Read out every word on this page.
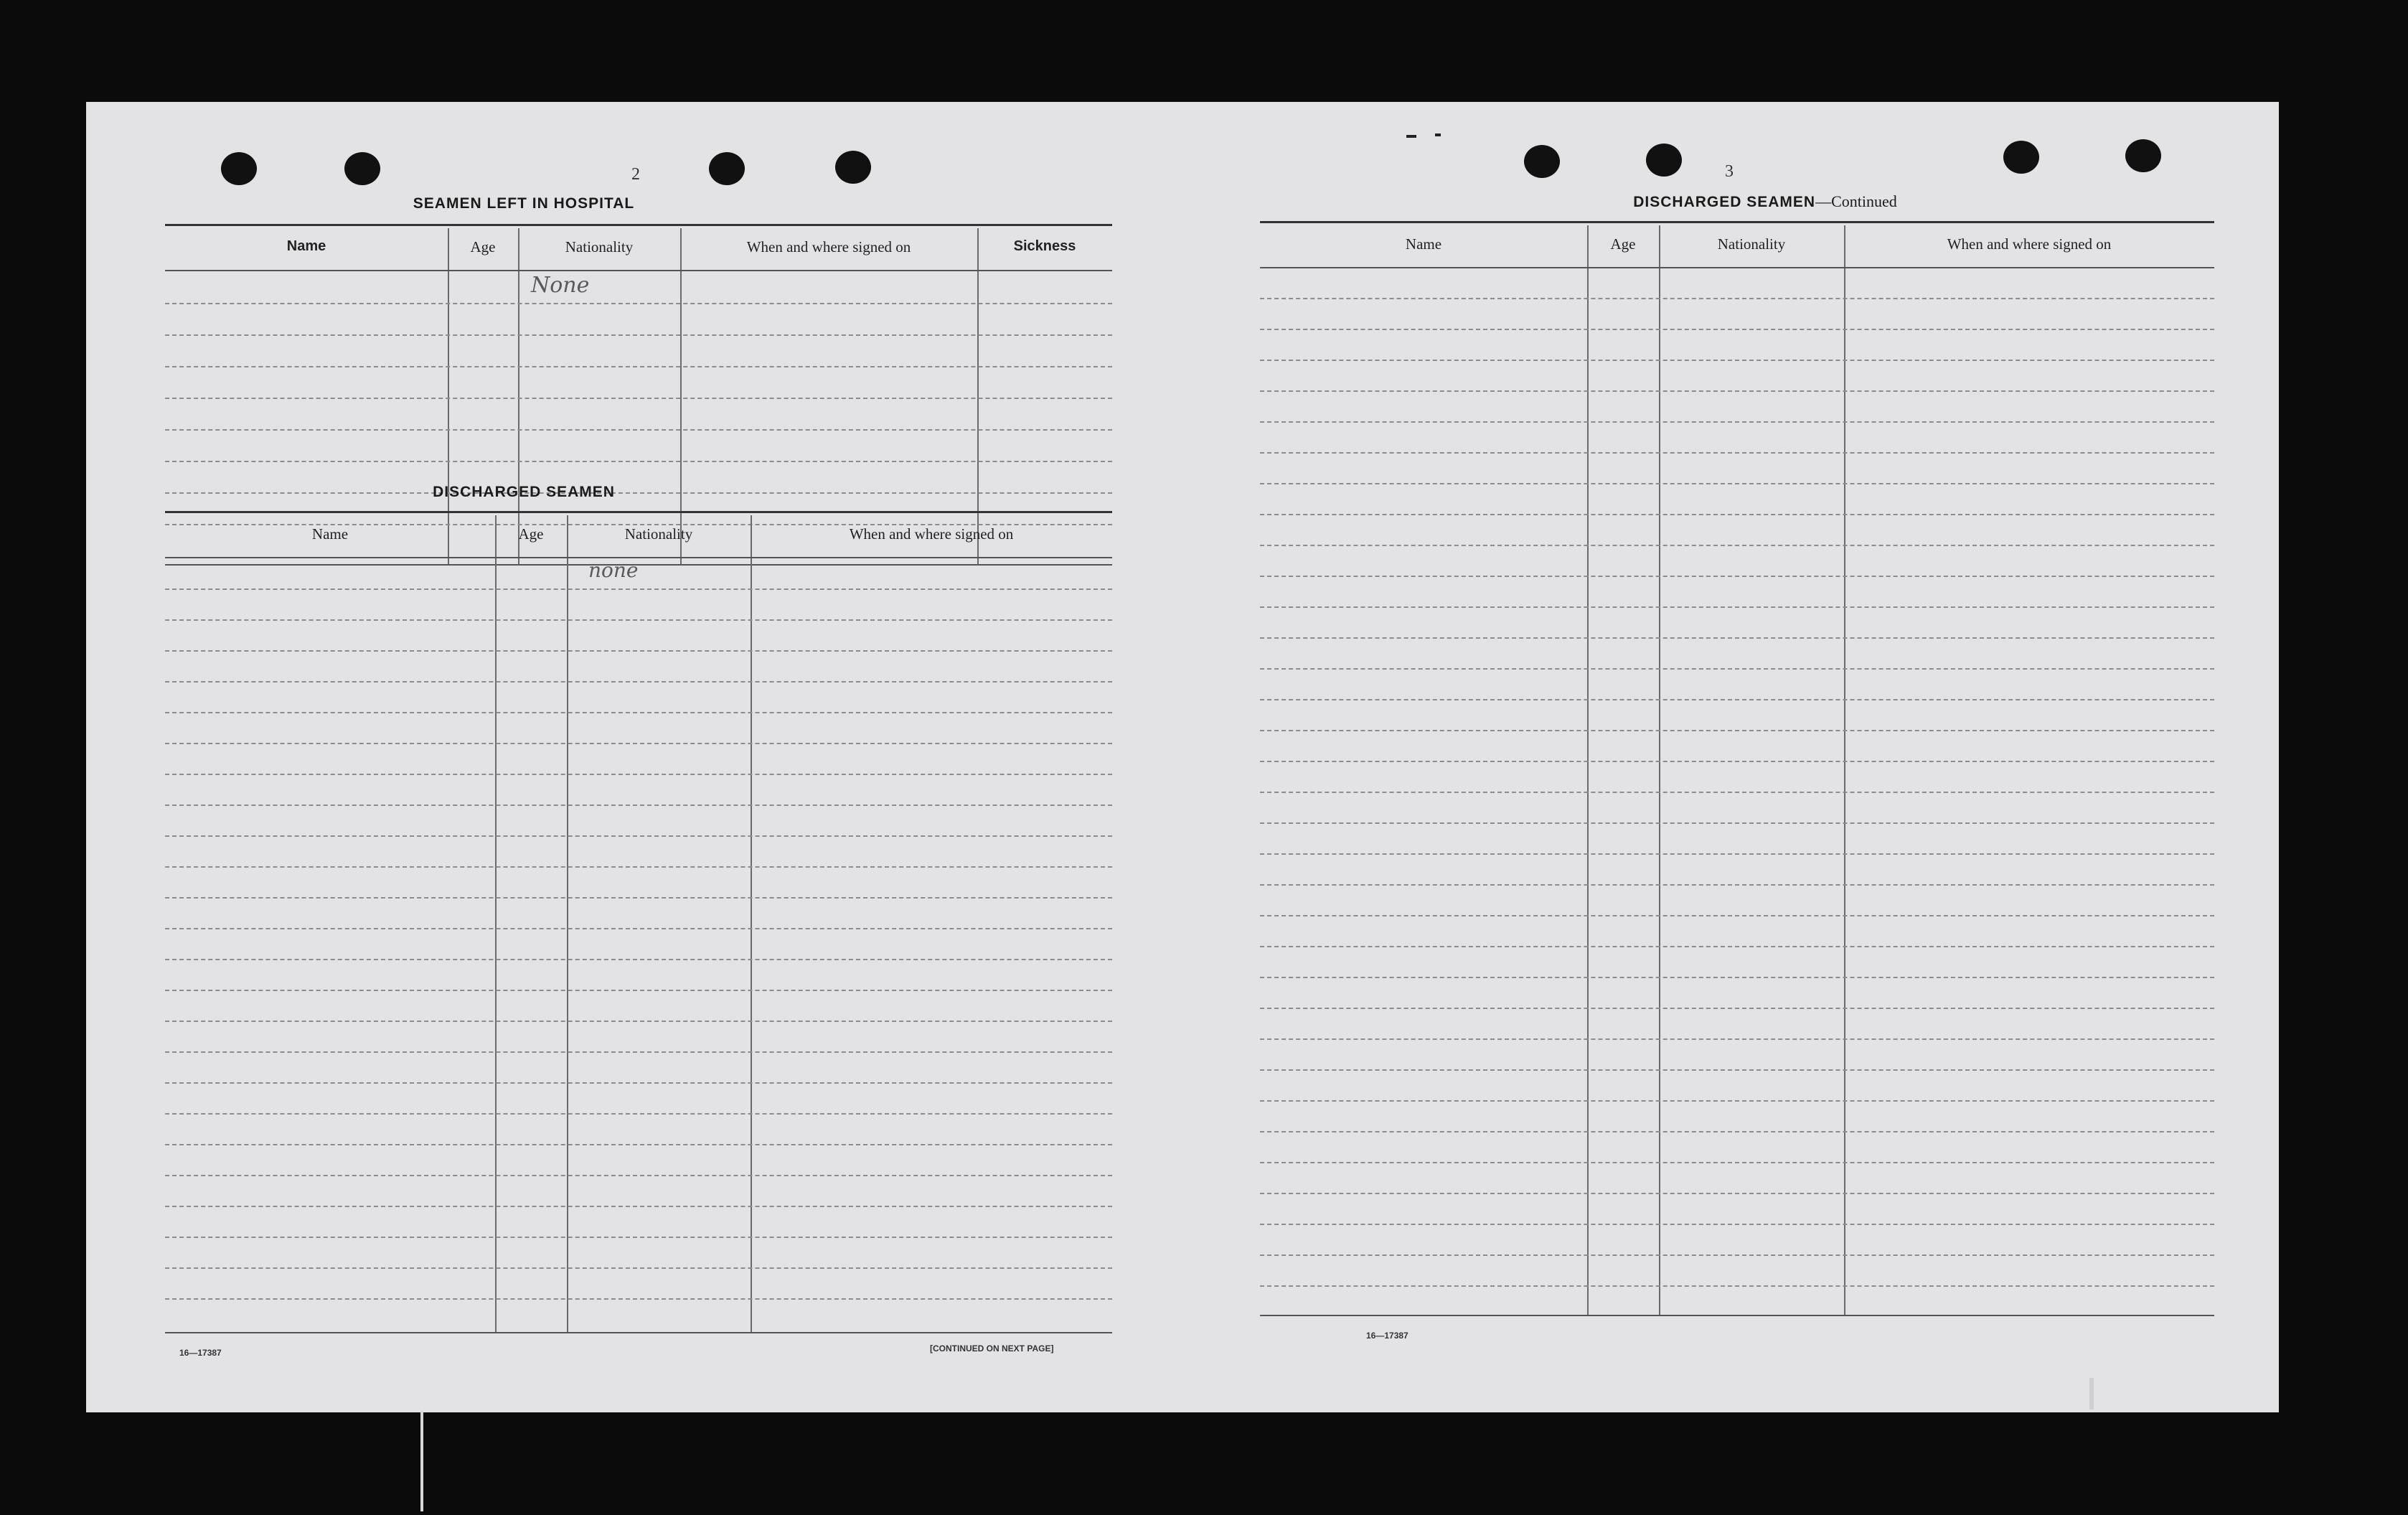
2
SEAMEN LEFT IN HOSPITAL
Name	Age	Nationality	When and where signed on	Sickness
None
DISCHARGED SEAMEN
Name	Age	Nationality	When and where signed on
none
16—17387	[CONTINUED ON NEXT PAGE]
3
DISCHARGED SEAMEN—Continued
Name	Age	Nationality	When and where signed on
16—17387
